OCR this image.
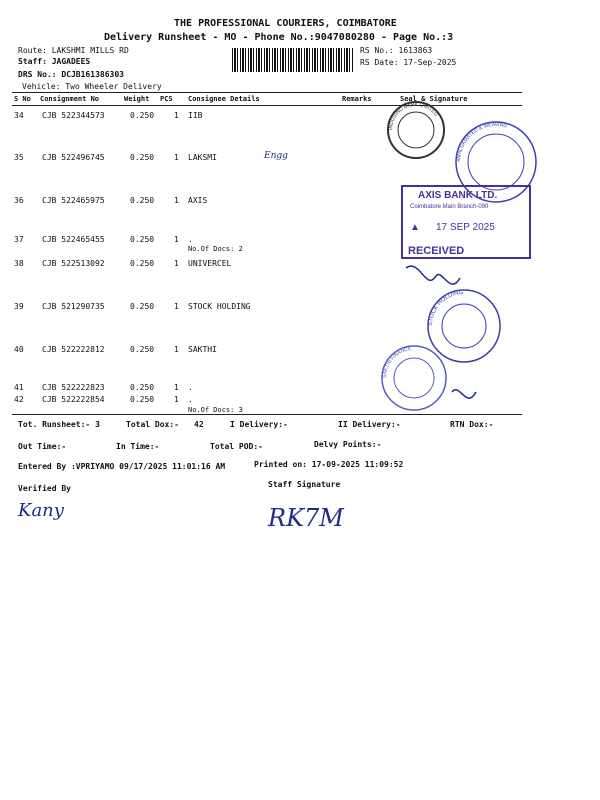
THE PROFESSIONAL COURIERS, COIMBATORE
Delivery Runsheet - MO - Phone No.:9047080280 - Page No.:3
Route: LAKSHMI MILLS RD
Staff: JAGADEES
DRS No.: DCJB161386303
Vehicle: Two Wheeler Delivery
RS No.: 1613863
RS Date: 17-Sep-2025
S No Consignment No	Weight PCS Consignee Details	Remarks	Seal & Signature
34 CJB 522344573	0.250 1 IIB
35 CJB 522496745	0.250 1 LAKSMI	Engg
36 CJB 522465975	0.250 1 AXIS
37 CJB 522465455	0.250 1 .
No.Of Docs: 2
38 CJB 522513092	0.250 1 UNIVERCEL
39 CJB 521290735	0.250 1 STOCK HOLDING
40 CJB 522222812	0.250 1 SAKTHI
41 CJB 522222823	0.250 1 .
42 CJB 522222854	0.250 1 .
No.Of Docs: 3
Tot. Runsheet:- 3	Total Dox:- 42	I Delivery:-	II Delivery:-	RTN Dox:-
Out Time:-	In Time:-	Total POD:-	Delvy Points:-
Entered By :VPRIYAMO 09/17/2025 11:01:16 AM	Printed on: 17-09-2025 11:09:52
Verified By	Staff Signature
Kany	RK7M
INDUSIND BANK LIMITED
AMALGAMATED & WEAVING
AXIS BANK LTD.
Coimbatore Main Branch-090
▲ 17 SEP 2025
RECEIVED
STOCK HOLDING
SAKTHI FINANCE
